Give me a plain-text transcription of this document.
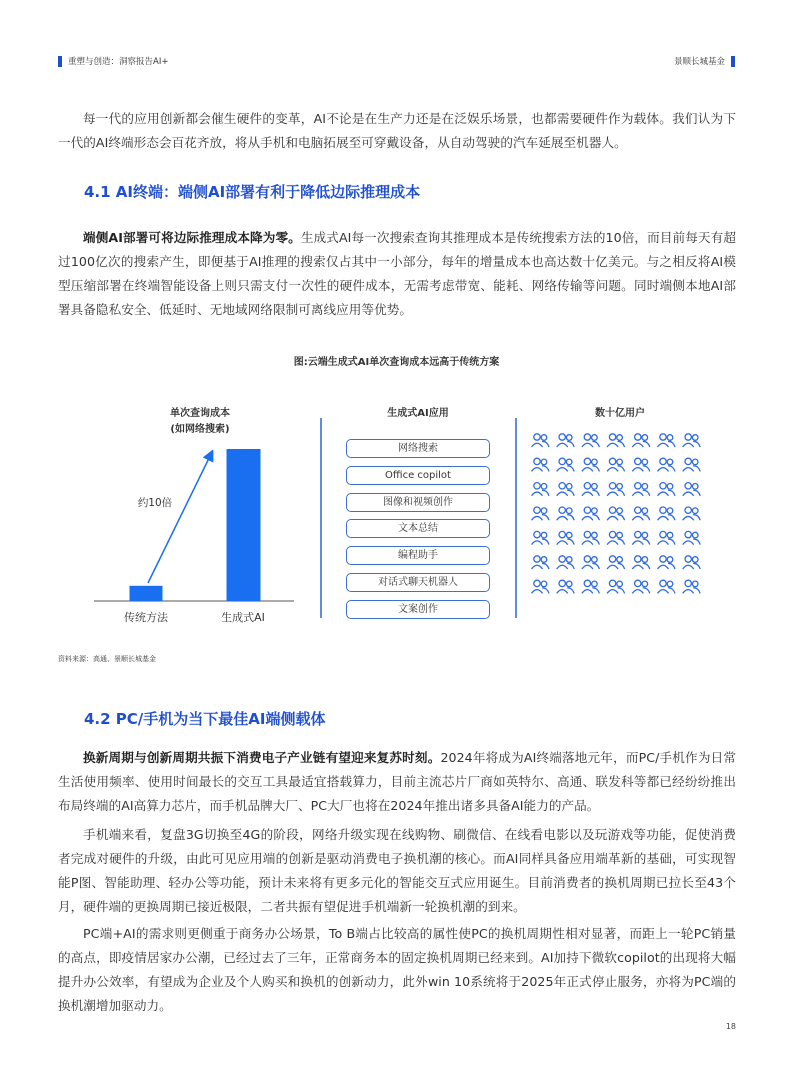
重塑与创造：洞察报告AI+	景顺长城基金
每一代的应用创新都会催生硬件的变革，AI不论是在生产力还是在泛娱乐场景，也都需要硬件作为载体。我们认为下一代的AI终端形态会百花齐放，将从手机和电脑拓展至可穿戴设备，从自动驾驶的汽车延展至机器人。
4.1 AI终端：端侧AI部署有利于降低边际推理成本
端侧AI部署可将边际推理成本降为零。生成式AI每一次搜索查询其推理成本是传统搜索方法的10倍，而目前每天有超过100亿次的搜索产生，即便基于AI推理的搜索仅占其中一小部分，每年的增量成本也高达数十亿美元。与之相反将AI模型压缩部署在终端智能设备上则只需支付一次性的硬件成本，无需考虑带宽、能耗、网络传输等问题。同时端侧本地AI部署具备隐私安全、低延时、无地域网络限制可离线应用等优势。
图:云端生成式AI单次查询成本远高于传统方案
单次查询成本
(如网络搜索)
传统方法	生成式AI
约10倍
生成式AI应用
网络搜索
Office copilot
图像和视频创作
文本总结
编程助手
对话式聊天机器人
文案创作
数十亿用户
资料来源：高通、景顺长城基金
4.2 PC/手机为当下最佳AI端侧载体
换新周期与创新周期共振下消费电子产业链有望迎来复苏时刻。2024年将成为AI终端落地元年，而PC/手机作为日常生活使用频率、使用时间最长的交互工具最适宜搭载算力，目前主流芯片厂商如英特尔、高通、联发科等都已经纷纷推出布局终端的AI高算力芯片，而手机品牌大厂、PC大厂也将在2024年推出诸多具备AI能力的产品。
手机端来看，复盘3G切换至4G的阶段，网络升级实现在线购物、刷微信、在线看电影以及玩游戏等功能，促使消费者完成对硬件的升级，由此可见应用端的创新是驱动消费电子换机潮的核心。而AI同样具备应用端革新的基础，可实现智能P图、智能助理、轻办公等功能，预计未来将有更多元化的智能交互式应用诞生。目前消费者的换机周期已拉长至43个月，硬件端的更换周期已接近极限，二者共振有望促进手机端新一轮换机潮的到来。
PC端+AI的需求则更侧重于商务办公场景，To B端占比较高的属性使PC的换机周期性相对显著，而距上一轮PC销量的高点，即疫情居家办公潮，已经过去了三年，正常商务本的固定换机周期已经来到。AI加持下微软copilot的出现将大幅提升办公效率，有望成为企业及个人购买和换机的创新动力，此外win 10系统将于2025年正式停止服务，亦将为PC端的换机潮增加驱动力。
18
